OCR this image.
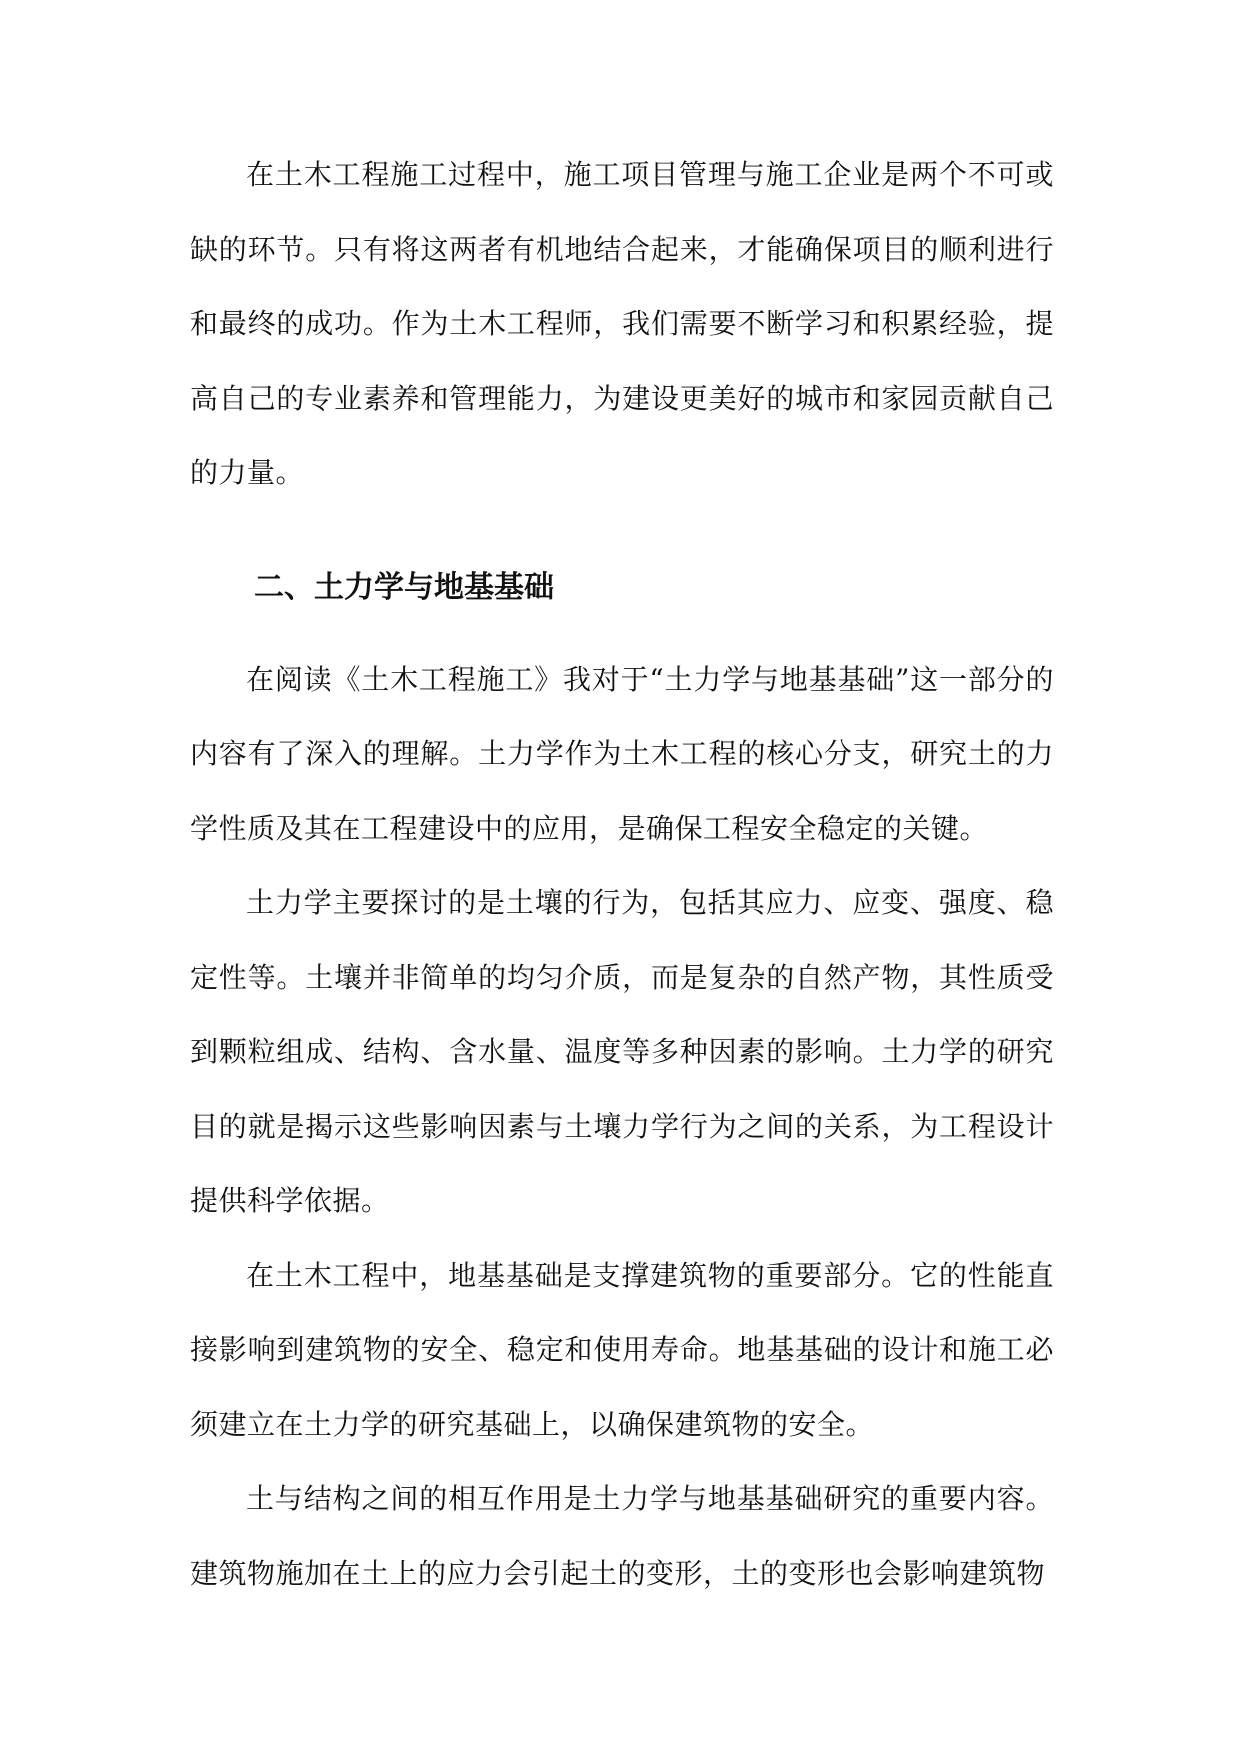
在土木工程施工过程中，施工项目管理与施工企业是两个不可或缺的环节。只有将这两者有机地结合起来，才能确保项目的顺利进行和最终的成功。作为土木工程师，我们需要不断学习和积累经验，提高自己的专业素养和管理能力，为建设更美好的城市和家园贡献自己的力量。

二、土力学与地基基础

在阅读《土木工程施工》我对于“土力学与地基基础”这一部分的内容有了深入的理解。土力学作为土木工程的核心分支，研究土的力学性质及其在工程建设中的应用，是确保工程安全稳定的关键。

土力学主要探讨的是土壤的行为，包括其应力、应变、强度、稳定性等。土壤并非简单的均匀介质，而是复杂的自然产物，其性质受到颗粒组成、结构、含水量、温度等多种因素的影响。土力学的研究目的就是揭示这些影响因素与土壤力学行为之间的关系，为工程设计提供科学依据。

在土木工程中，地基基础是支撑建筑物的重要部分。它的性能直接影响到建筑物的安全、稳定和使用寿命。地基基础的设计和施工必须建立在土力学的研究基础上，以确保建筑物的安全。

土与结构之间的相互作用是土力学与地基基础研究的重要内容。建筑物施加在土上的应力会引起土的变形，土的变形也会影响建筑物
